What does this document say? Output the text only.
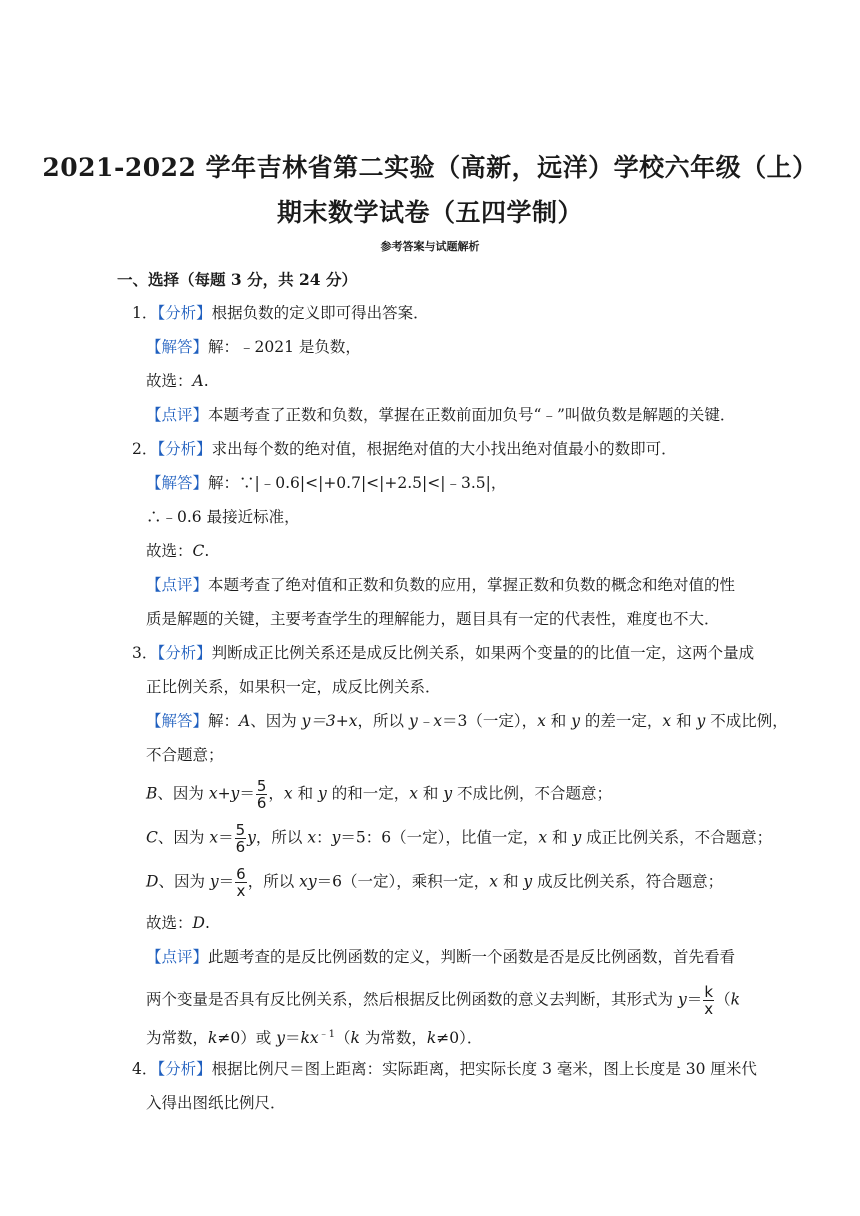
2021-2022 学年吉林省第二实验（高新，远洋）学校六年级（上）
期末数学试卷（五四学制）
参考答案与试题解析
一、选择（每题 3 分，共 24 分）
1．【分析】根据负数的定义即可得出答案．
【解答】解：﹣2021 是负数，
故选：A.
【点评】本题考查了正数和负数，掌握在正数前面加负号“﹣”叫做负数是解题的关键．
2．【分析】求出每个数的绝对值，根据绝对值的大小找出绝对值最小的数即可．
【解答】解：∵|﹣0.6|<|+0.7|<|+2.5|<|﹣3.5|，
∴﹣0.6 最接近标准，
故选：C.
【点评】本题考查了绝对值和正数和负数的应用，掌握正数和负数的概念和绝对值的性
质是解题的关键，主要考查学生的理解能力，题目具有一定的代表性，难度也不大．
3．【分析】判断成正比例关系还是成反比例关系，如果两个变量的的比值一定，这两个量成
正比例关系，如果积一定，成反比例关系．
【解答】解：A、因为 y＝3+x，所以 y﹣x＝3（一定），x 和 y 的差一定，x 和 y 不成比例，
不合题意；
B、因为 $x+y= \frac{5}{6}$ ，x 和 y 的和一定，x 和 y 不成比例，不合题意；
C、因为 $x= \frac{5}{6}$ y，所以 x：y＝5：6（一定），比值一定，x 和 y 成正比例关系，不合题意；
D、因为 $y= \frac{6}{x}$ ，所以 xy＝6（一定），乘积一定，x 和 y 成反比例关系，符合题意；
故选：D.
【点评】此题考查的是反比例函数的定义，判断一个函数是否是反比例函数，首先看看
两个变量是否具有反比例关系，然后根据反比例函数的意义去判断，其形式为 $y= \frac{k}{x} (k$
为常数，k≠0）或 $y=kx^{﹣1}(k$ 为常数，k≠0）．
4．【分析】根据比例尺＝图上距离：实际距离，把实际长度 3 毫米，图上长度是 30 厘米代
入得出图纸比例尺．
